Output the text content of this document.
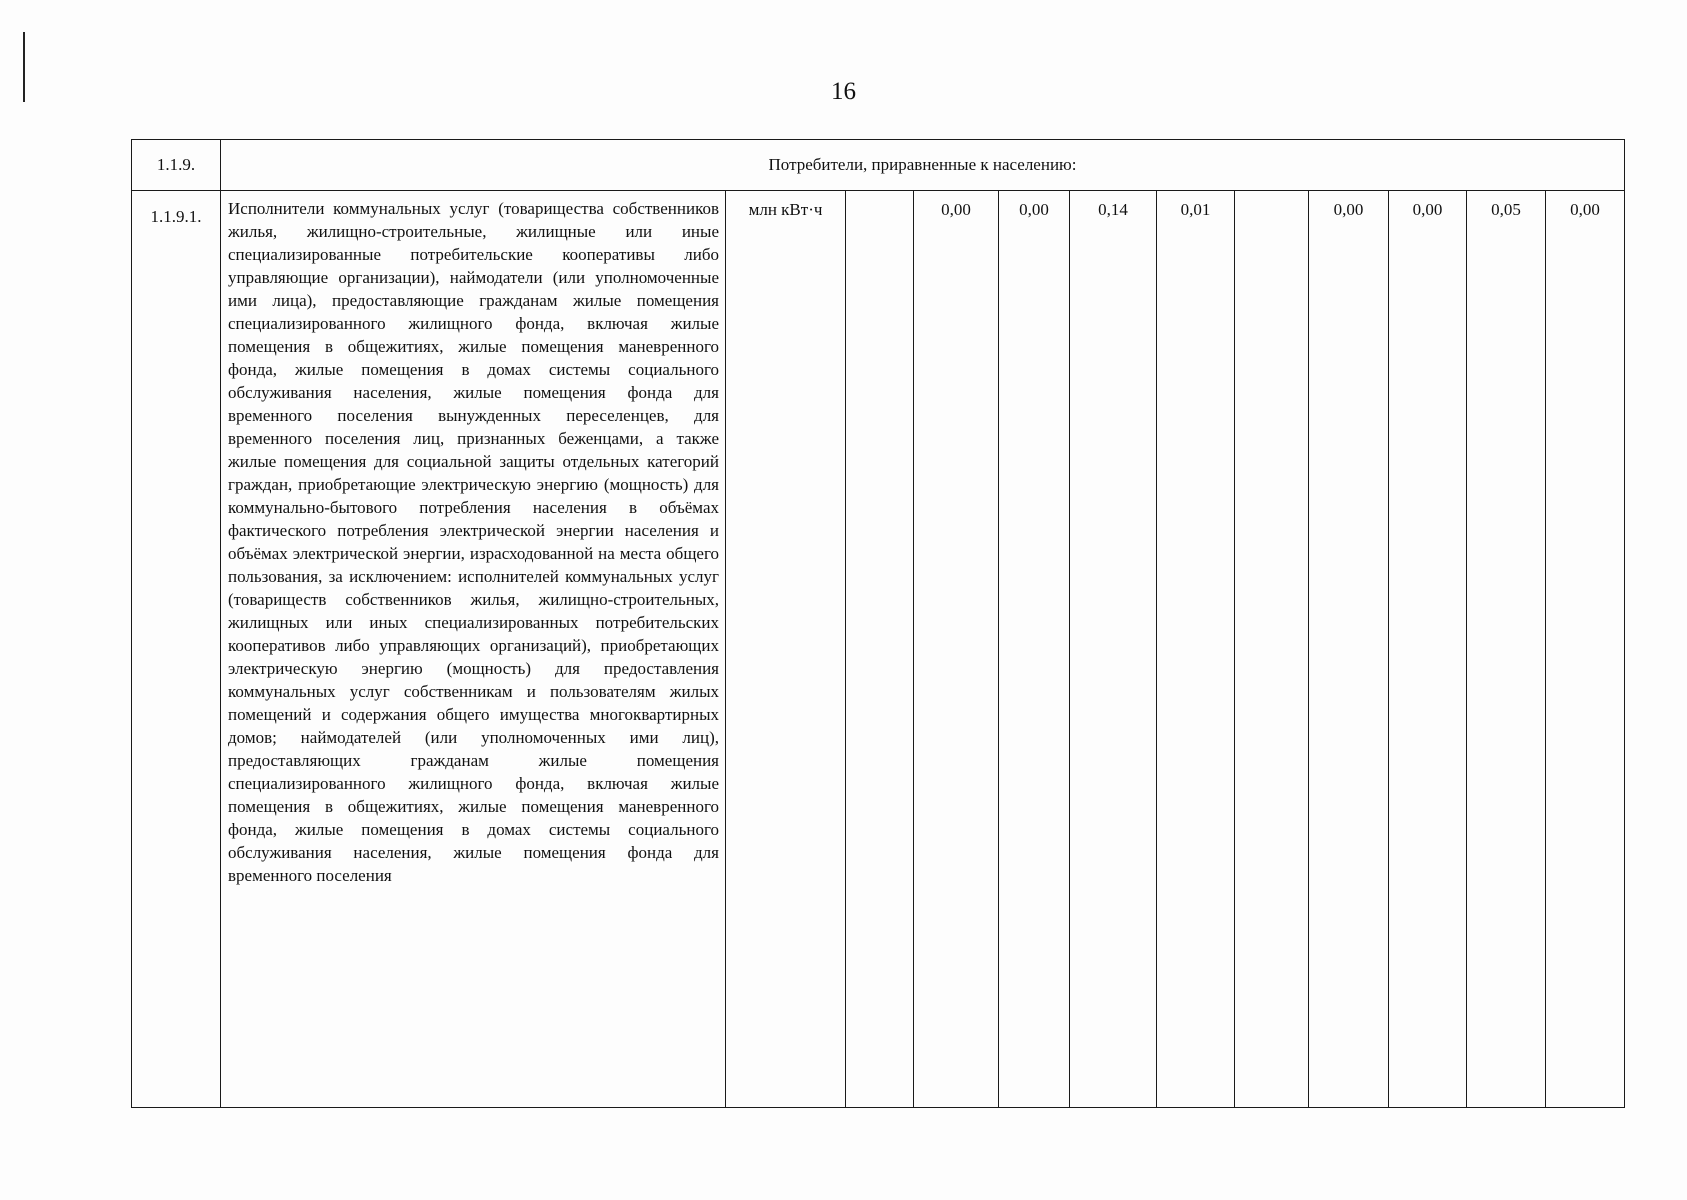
16
1.1.9.	Потребители, приравненные к населению:											
1.1.9.1.	Исполнители коммунальных услуг (товарищества собственников жилья, жилищно-строительные, жилищные или иные специализированные потребительские кооперативы либо управляющие организации), наймодатели (или уполномоченные ими лица), предоставляющие гражданам жилые помещения специализированного жилищного фонда, включая жилые помещения в общежитиях, жилые помещения маневренного фонда, жилые помещения в домах системы социального обслуживания населения, жилые помещения фонда для временного поселения вынужденных переселенцев, для временного поселения лиц, признанных беженцами, а также жилые помещения для социальной защиты отдельных категорий граждан, приобретающие электрическую энергию (мощность) для коммунально-бытового потребления населения в объёмах фактического потребления электрической энергии населения и объёмах электрической энергии, израсходованной на места общего пользования, за исключением: исполнителей коммунальных услуг (товариществ собственников жилья, жилищно-строительных, жилищных или иных специализированных потребительских кооперативов либо управляющих организаций), приобретающих электрическую энергию (мощность) для предоставления коммунальных услуг собственникам и пользователям жилых помещений и содержания общего имущества многоквартирных домов; наймодателей (или уполномоченных ими лиц), предоставляющих гражданам жилые помещения специализированного жилищного фонда, включая жилые помещения в общежитиях, жилые помещения маневренного фонда, жилые помещения в домах системы социального обслуживания населения, жилые помещения фонда для временного поселения	млн кВт·ч		0,00	0,00	0,14	0,01		0,00	0,00	0,05	0,00
